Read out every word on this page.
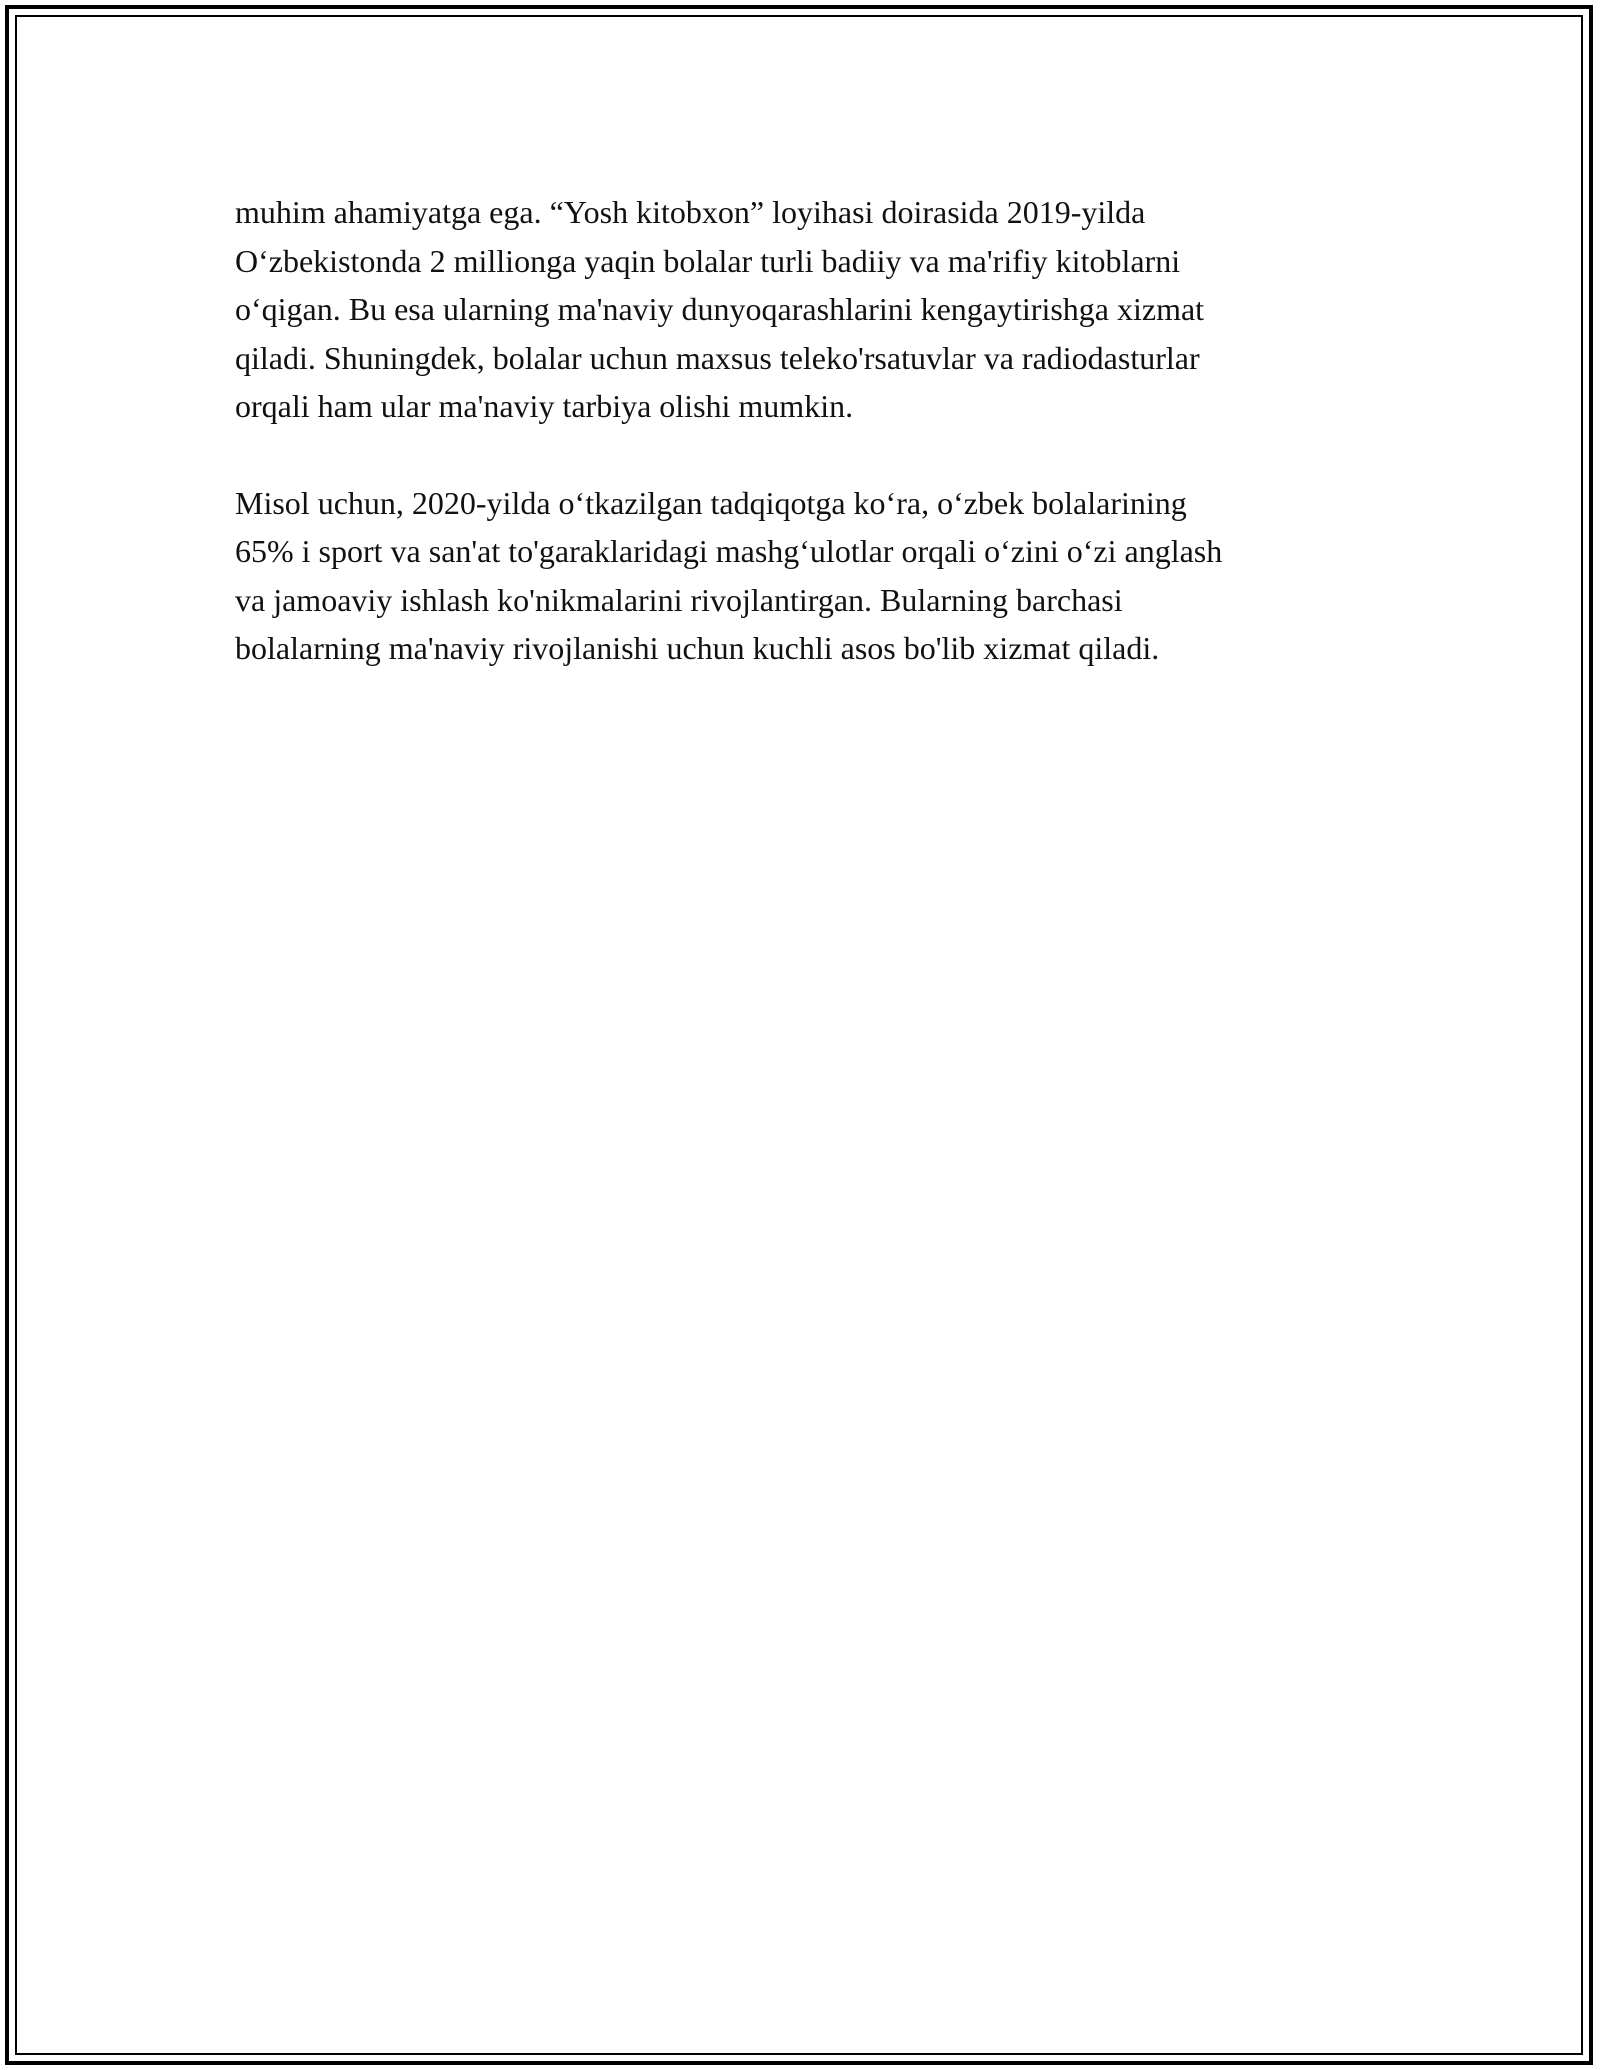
muhim ahamiyatga ega. “Yosh kitobxon” loyihasi doirasida 2019-yilda
O‘zbekistonda 2 millionga yaqin bolalar turli badiiy va ma'rifiy kitoblarni
o‘qigan. Bu esa ularning ma'naviy dunyoqarashlarini kengaytirishga xizmat
qiladi. Shuningdek, bolalar uchun maxsus teleko'rsatuvlar va radiodasturlar
orqali ham ular ma'naviy tarbiya olishi mumkin.

Misol uchun, 2020-yilda o‘tkazilgan tadqiqotga ko‘ra, o‘zbek bolalarining
65% i sport va san'at to'garaklaridagi mashg‘ulotlar orqali o‘zini o‘zi anglash
va jamoaviy ishlash ko'nikmalarini rivojlantirgan. Bularning barchasi
bolalarning ma'naviy rivojlanishi uchun kuchli asos bo'lib xizmat qiladi.
